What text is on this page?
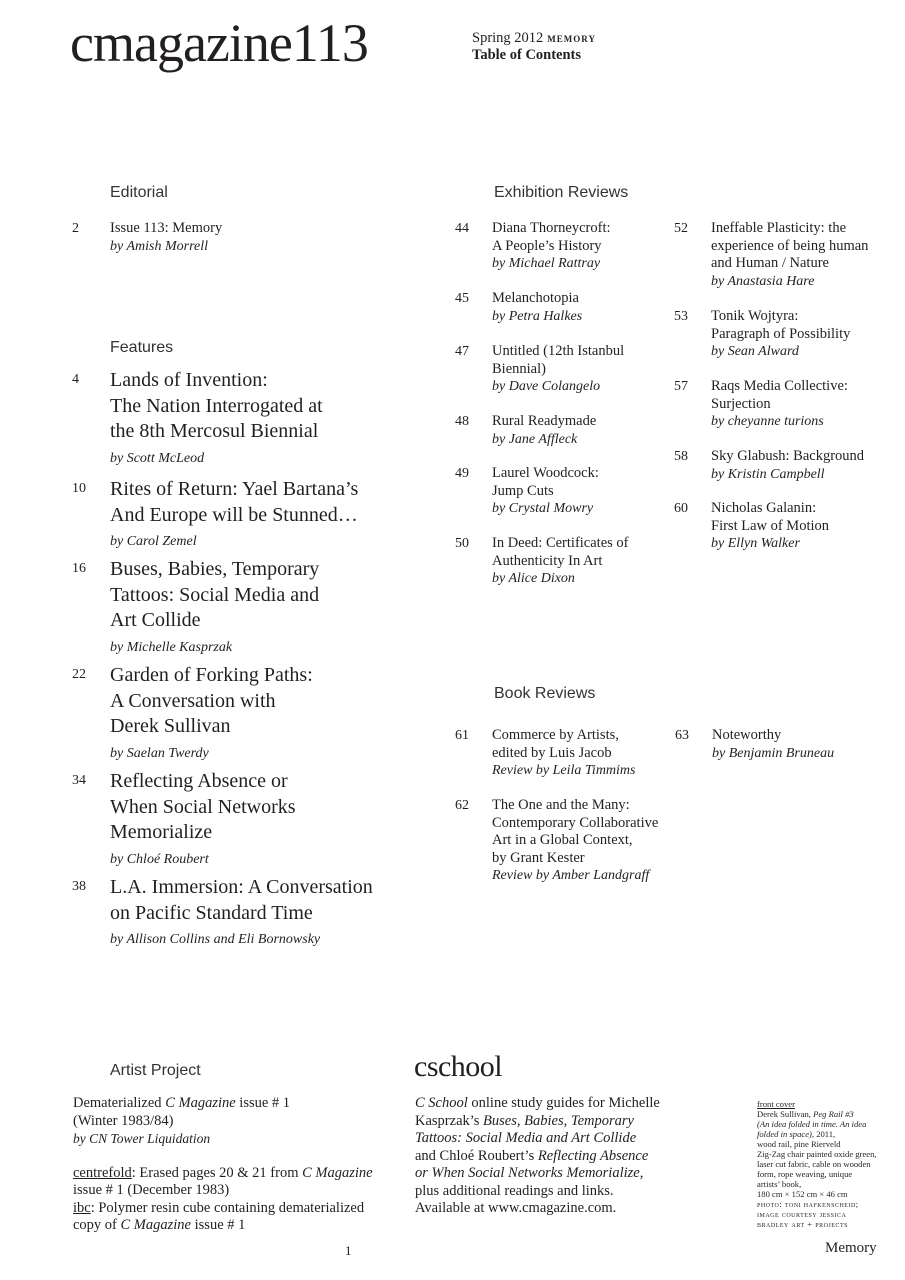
cmagazine113	Spring 2012 memory
Table of Contents
Editorial
Features
Exhibition Reviews
Book Reviews
Artist Project
2 Issue 113: Memory
by Amish Morrell
4 Lands of Invention:
The Nation Interrogated at
the 8th Mercosul Biennial
by Scott McLeod
10 Rites of Return: Yael Bartana’s
And Europe will be Stunned…
by Carol Zemel
16 Buses, Babies, Temporary
Tattoos: Social Media and
Art Collide
by Michelle Kasprzak
22 Garden of Forking Paths:
A Conversation with
Derek Sullivan
by Saelan Twerdy
34 Reflecting Absence or
When Social Networks
Memorialize
by Chloé Roubert
38 L.A. Immersion: A Conversation
on Pacific Standard Time
by Allison Collins and Eli Bornowsky
44 Diana Thorneycroft:
A People’s History
by Michael Rattray
45 Melanchotopia
by Petra Halkes
47 Untitled (12th Istanbul
Biennial)
by Dave Colangelo
48 Rural Readymade
by Jane Affleck
49 Laurel Woodcock:
Jump Cuts
by Crystal Mowry
50 In Deed: Certificates of
Authenticity In Art
by Alice Dixon
52 Ineffable Plasticity: the
experience of being human
and Human / Nature
by Anastasia Hare
53 Tonik Wojtyra:
Paragraph of Possibility
by Sean Alward
57 Raqs Media Collective:
Surjection
by cheyanne turions
58 Sky Glabush: Background
by Kristin Campbell
60 Nicholas Galanin:
First Law of Motion
by Ellyn Walker
61 Commerce by Artists,
edited by Luis Jacob
Review by Leila Timmims
62 The One and the Many:
Contemporary Collaborative
Art in a Global Context,
by Grant Kester
Review by Amber Landgraff
63 Noteworthy
by Benjamin Bruneau
Dematerialized C Magazine issue # 1
(Winter 1983/84)
by CN Tower Liquidation
centrefold: Erased pages 20 & 21 from C Magazine
issue # 1 (December 1983)
ibc: Polymer resin cube containing dematerialized
copy of C Magazine issue # 1
cschool
C School online study guides for Michelle
Kasprzak’s Buses, Babies, Temporary
Tattoos: Social Media and Art Collide
and Chloé Roubert’s Reflecting Absence
or When Social Networks Memorialize,
plus additional readings and links.
Available at www.cmagazine.com.
front cover
Derek Sullivan, Peg Rail #3
(An idea folded in time. An idea
folded in space), 2011,
wood rail, pine Rierveld
Zig-Zag chair painted oxide green,
laser cut fabric, cable on wooden
form, rope weaving, unique
artists’ book,
180 cm × 152 cm × 46 cm
photo: toni hafkenscheid;
image courtesy jessica
bradley art + projects
1	Memory
